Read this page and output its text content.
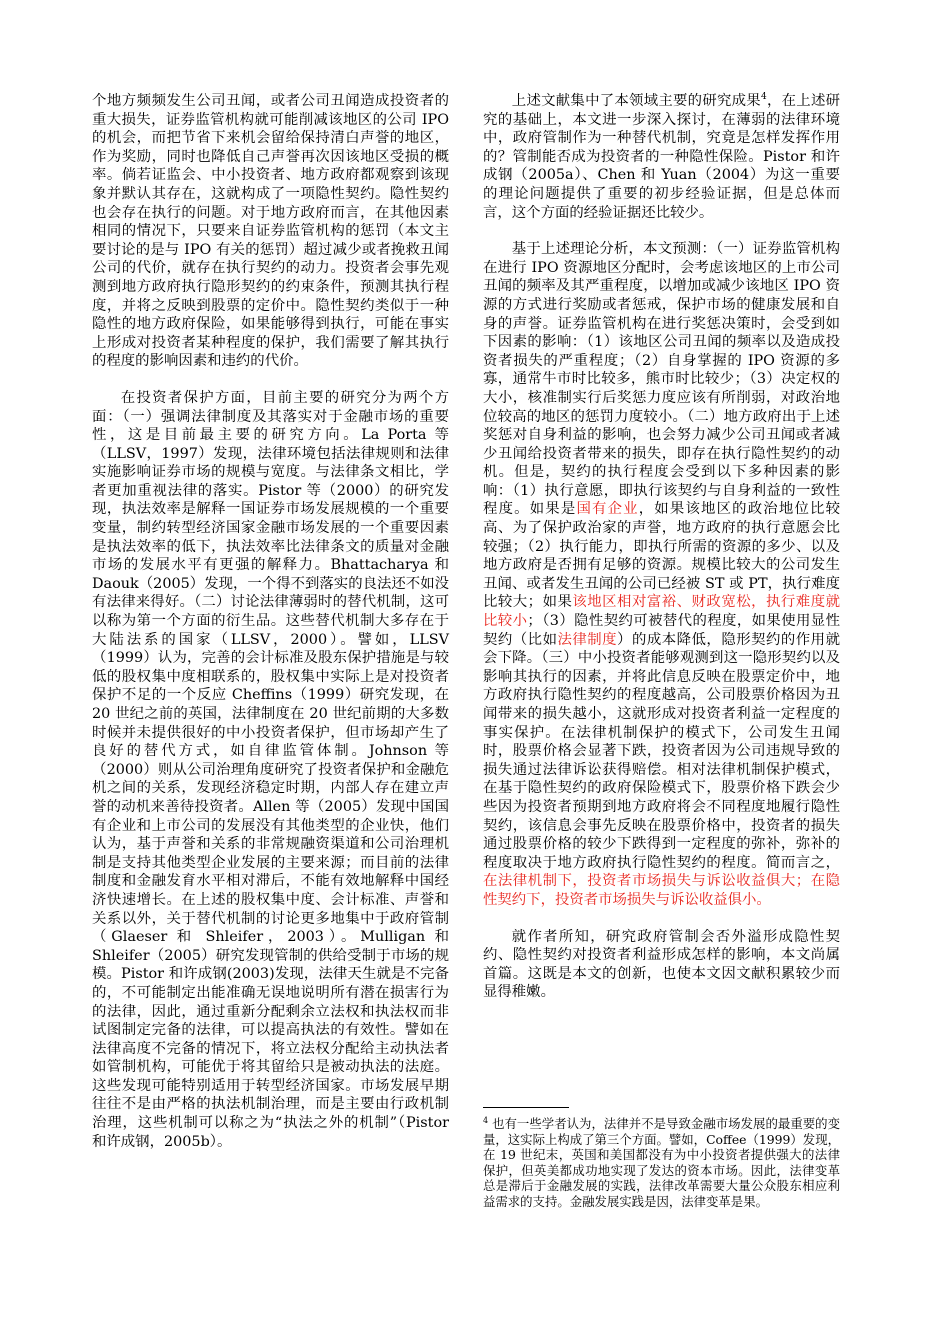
个地方频频发生公司丑闻，或者公司丑闻造成投资者的重大损失，证券监管机构就可能削减该地区的公司 IPO 的机会，而把节省下来机会留给保持清白声誉的地区，作为奖励，同时也降低自己声誉再次因该地区受损的概率。倘若证监会、中小投资者、地方政府都观察到该现象并默认其存在，这就构成了一项隐性契约。隐性契约也会存在执行的问题。对于地方政府而言，在其他因素相同的情况下，只要来自证券监管机构的惩罚（本文主要讨论的是与 IPO 有关的惩罚）超过减少或者挽救丑闻公司的代价，就存在执行契约的动力。投资者会事先观测到地方政府执行隐形契约的约束条件，预测其执行程度，并将之反映到股票的定价中。隐性契约类似于一种隐性的地方政府保险，如果能够得到执行，可能在事实上形成对投资者某种程度的保护，我们需要了解其执行的程度的影响因素和违约的代价。

在投资者保护方面，目前主要的研究分为两个方面：（一）强调法律制度及其落实对于金融市场的重要性，这是目前最主要的研究方向。La Porta 等（LLSV，1997）发现，法律环境包括法律规则和法律实施影响证券市场的规模与宽度。与法律条文相比，学者更加重视法律的落实。Pistor 等（2000）的研究发现，执法效率是解释一国证券市场发展规模的一个重要变量，制约转型经济国家金融市场发展的一个重要因素是执法效率的低下，执法效率比法律条文的质量对金融市场的发展水平有更强的解释力。Bhattacharya 和 Daouk（2005）发现，一个得不到落实的良法还不如没有法律来得好。（二）讨论法律薄弱时的替代机制，这可以称为第一个方面的衍生品。这些替代机制大多存在于大陆法系的国家（LLSV，2000）。譬如，LLSV（1999）认为，完善的会计标准及股东保护措施是与较低的股权集中度相联系的，股权集中实际上是对投资者保护不足的一个反应 Cheffins（1999）研究发现，在 20 世纪之前的英国，法律制度在 20 世纪前期的大多数时候并未提供很好的中小投资者保护，但市场却产生了良好的替代方式，如自律监管体制。Johnson 等（2000）则从公司治理角度研究了投资者保护和金融危机之间的关系，发现经济稳定时期，内部人存在建立声誉的动机来善待投资者。Allen 等（2005）发现中国国有企业和上市公司的发展没有其他类型的企业快，他们认为，基于声誉和关系的非常规融资渠道和公司治理机制是支持其他类型企业发展的主要来源；而目前的法律制度和金融发育水平相对滞后，不能有效地解释中国经济快速增长。在上述的股权集中度、会计标准、声誉和关系以外，关于替代机制的讨论更多地集中于政府管制（Glaeser 和 Shleifer，2003）。Mulligan 和 Shleifer（2005）研究发现管制的供给受制于市场的规模。Pistor 和许成钢(2003)发现，法律天生就是不完备的，不可能制定出能准确无误地说明所有潜在损害行为的法律，因此，通过重新分配剩余立法权和执法权而非试图制定完备的法律，可以提高执法的有效性。譬如在法律高度不完备的情况下，将立法权分配给主动执法者如管制机构，可能优于将其留给只是被动执法的法庭。这些发现可能特别适用于转型经济国家。市场发展早期往往不是由严格的执法机制治理，而是主要由行政机制治理，这些机制可以称之为“执法之外的机制”（Pistor 和许成钢，2005b）。

上述文献集中了本领域主要的研究成果$^4$，在上述研究的基础上，本文进一步深入探讨，在薄弱的法律环境中，政府管制作为一种替代机制，究竟是怎样发挥作用的？管制能否成为投资者的一种隐性保险。Pistor 和许成钢（2005a）、Chen 和 Yuan（2004）为这一重要的理论问题提供了重要的初步经验证据，但是总体而言，这个方面的经验证据还比较少。

基于上述理论分析，本文预测：（一）证券监管机构在进行 IPO 资源地区分配时，会考虑该地区的上市公司丑闻的频率及其严重程度，以增加或减少该地区 IPO 资源的方式进行奖励或者惩戒，保护市场的健康发展和自身的声誉。证券监管机构在进行奖惩决策时，会受到如下因素的影响：（1）该地区公司丑闻的频率以及造成投资者损失的严重程度；（2）自身掌握的 IPO 资源的多寡，通常牛市时比较多，熊市时比较少；（3）决定权的大小，核准制实行后奖惩力度应该有所削弱，对政治地位较高的地区的惩罚力度较小。（二）地方政府出于上述奖惩对自身利益的影响，也会努力减少公司丑闻或者减少丑闻给投资者带来的损失，即存在执行隐性契约的动机。但是，契约的执行程度会受到以下多种因素的影响：（1）执行意愿，即执行该契约与自身利益的一致性程度。如果是国有企业，如果该地区的政治地位比较高、为了保护政治家的声誉，地方政府的执行意愿会比较强；（2）执行能力，即执行所需的资源的多少、以及地方政府是否拥有足够的资源。规模比较大的公司发生丑闻、或者发生丑闻的公司已经被 ST 或 PT，执行难度比较大；如果该地区相对富裕、财政宽松，执行难度就比较小；（3）隐性契约可被替代的程度，如果使用显性契约（比如法律制度）的成本降低，隐形契约的作用就会下降。（三）中小投资者能够观测到这一隐形契约以及影响其执行的因素，并将此信息反映在股票定价中，地方政府执行隐性契约的程度越高，公司股票价格因为丑闻带来的损失越小，这就形成对投资者利益一定程度的事实保护。在法律机制保护的模式下，公司发生丑闻时，股票价格会显著下跌，投资者因为公司违规导致的损失通过法律诉讼获得赔偿。相对法律机制保护模式，在基于隐性契约的政府保险模式下，股票价格下跌会少些因为投资者预期到地方政府将会不同程度地履行隐性契约，该信息会事先反映在股票价格中，投资者的损失通过股票价格的较少下跌得到一定程度的弥补，弥补的程度取决于地方政府执行隐性契约的程度。简而言之，在法律机制下，投资者市场损失与诉讼收益俱大；在隐性契约下，投资者市场损失与诉讼收益俱小。

就作者所知，研究政府管制会否外溢形成隐性契约、隐性契约对投资者利益形成怎样的影响，本文尚属首篇。这既是本文的创新，也使本文因文献积累较少而显得稚嫩。

$^4$ 也有一些学者认为，法律并不是导致金融市场发展的最重要的变量，这实际上构成了第三个方面。譬如，Coffee（1999）发现，在 19 世纪末，英国和美国都没有为中小投资者提供强大的法律保护，但英美都成功地实现了发达的资本市场。因此，法律变革总是滞后于金融发展的实践，法律改革需要大量公众股东相应利益需求的支持。金融发展实践是因，法律变革是果。
